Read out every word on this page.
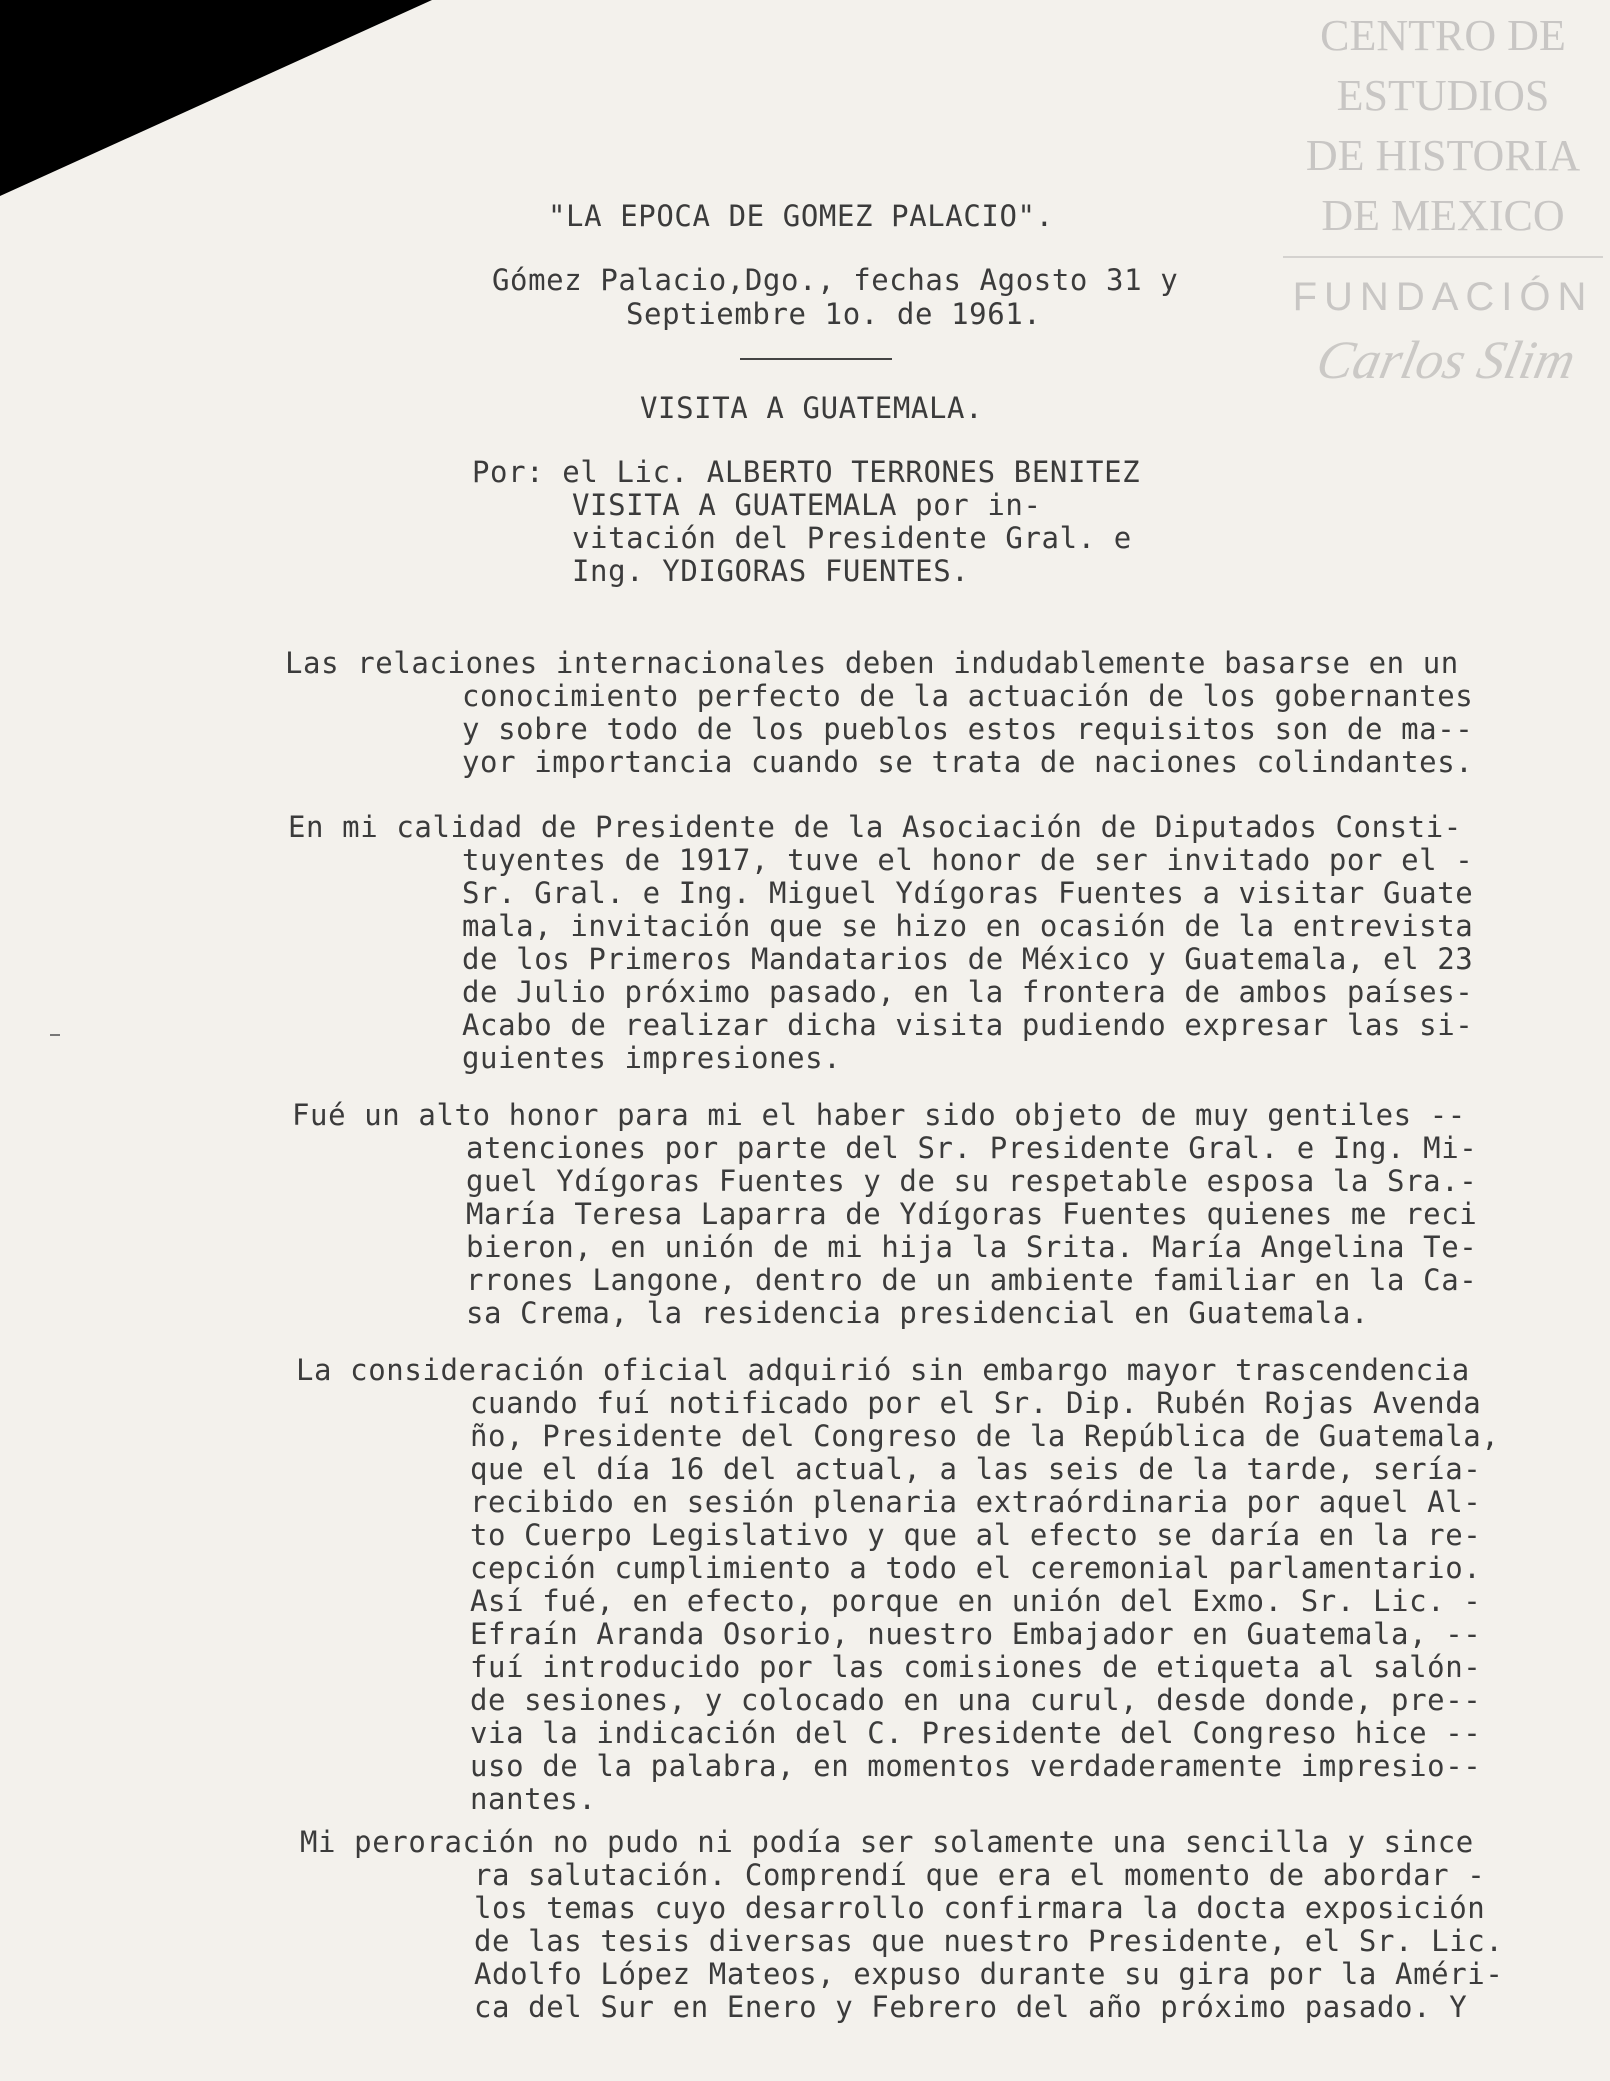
CENTRO DE
ESTUDIOS
DE HISTORIA
DE MEXICO
FUNDACIÓN
Carlos Slim
"LA EPOCA DE GOMEZ PALACIO".
Gómez Palacio,Dgo., fechas Agosto 31 y
Septiembre 1o. de 1961.
VISITA A GUATEMALA.
Por: el Lic. ALBERTO TERRONES BENITEZ
VISITA A GUATEMALA por in-
vitación del Presidente Gral. e
Ing. YDIGORAS FUENTES.
Las relaciones internacionales deben indudablemente basarse en un
conocimiento perfecto de la actuación de los gobernantes
y sobre todo de los pueblos estos requisitos son de ma--
yor importancia cuando se trata de naciones colindantes.
En mi calidad de Presidente de la Asociación de Diputados Consti-
tuyentes de 1917, tuve el honor de ser invitado por el -
Sr. Gral. e Ing. Miguel Ydígoras Fuentes a visitar Guate
mala, invitación que se hizo en ocasión de la entrevista
de los Primeros Mandatarios de México y Guatemala, el 23
de Julio próximo pasado, en la frontera de ambos países-
Acabo de realizar dicha visita pudiendo expresar las si-
guientes impresiones.
Fué un alto honor para mi el haber sido objeto de muy gentiles --
atenciones por parte del Sr. Presidente Gral. e Ing. Mi-
guel Ydígoras Fuentes y de su respetable esposa la Sra.-
María Teresa Laparra de Ydígoras Fuentes quienes me reci
bieron, en unión de mi hija la Srita. María Angelina Te-
rrones Langone, dentro de un ambiente familiar en la Ca-
sa Crema, la residencia presidencial en Guatemala.
La consideración oficial adquirió sin embargo mayor trascendencia
cuando fuí notificado por el Sr. Dip. Rubén Rojas Avenda
ño, Presidente del Congreso de la República de Guatemala,
que el día 16 del actual, a las seis de la tarde, sería-
recibido en sesión plenaria extraórdinaria por aquel Al-
to Cuerpo Legislativo y que al efecto se daría en la re-
cepción cumplimiento a todo el ceremonial parlamentario.
Así fué, en efecto, porque en unión del Exmo. Sr. Lic. -
Efraín Aranda Osorio, nuestro Embajador en Guatemala, --
fuí introducido por las comisiones de etiqueta al salón-
de sesiones, y colocado en una curul, desde donde, pre--
via la indicación del C. Presidente del Congreso hice --
uso de la palabra, en momentos verdaderamente impresio--
nantes.
Mi peroración no pudo ni podía ser solamente una sencilla y since
ra salutación. Comprendí que era el momento de abordar -
los temas cuyo desarrollo confirmara la docta exposición
de las tesis diversas que nuestro Presidente, el Sr. Lic.
Adolfo López Mateos, expuso durante su gira por la Améri-
ca del Sur en Enero y Febrero del año próximo pasado. Y
